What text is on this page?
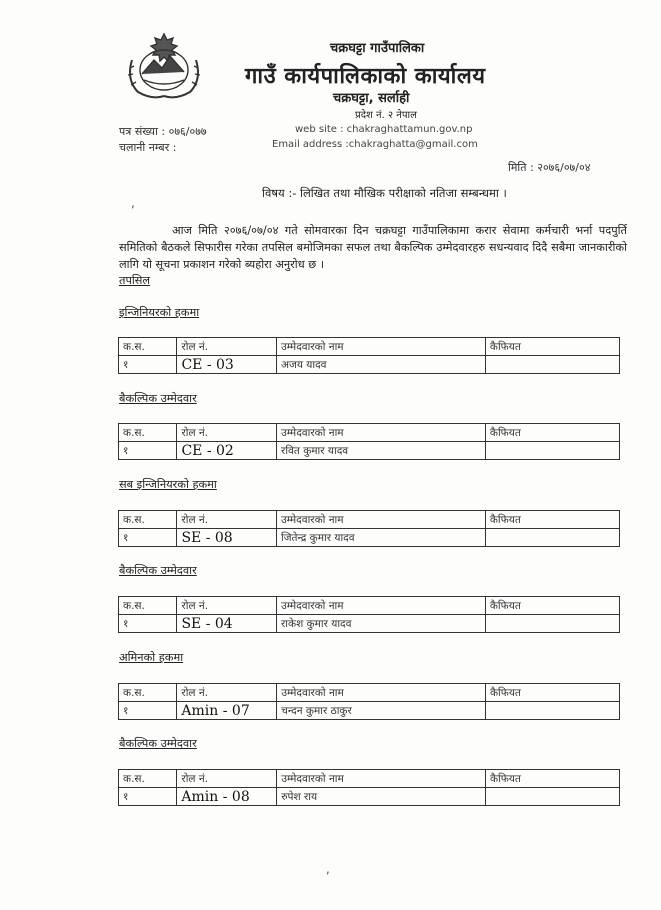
चक्रघट्टा गाउँपालिका
गाउँ कार्यपालिकाको कार्यालय
चक्रघट्टा, सर्लाही
प्रदेश नं. २ नेपाल
पत्र संख्या : ०७६/०७७
चलानी नम्बर :
web site : chakraghattamun.gov.np
Email address :chakraghatta@gmail.com
मिति : २०७६/०७/०४
विषय :- लिखित तथा मौखिक परीक्षाको नतिजा सम्बन्धमा ।
,
आज मिति २०७६/०७/०४ गते सोमवारका दिन चक्रघट्टा गाउँपालिकामा करार सेवामा कर्मचारी भर्ना पदपुर्ति समितिको बैठकले सिफारीस गरेका तपसिल बमोजिमका सफल तथा बैकल्पिक उम्मेदवारहरु सधन्यवाद दिदै सबैमा जानकारीको लागि यो सूचना प्रकाशन गरेको ब्यहोरा अनुरोध छ ।
तपसिल
इन्जिनियरको हकमा
क.स.	रोल नं.	उम्मेदवारको नाम	कैफियत
१	CE - 03	अजय यादव	
बैकल्पिक उम्मेदवार
क.स.	रोल नं.	उम्मेदवारको नाम	कैफियत
१	CE - 02	रवित कुमार यादव	
सब इन्जिनियरको हकमा
क.स.	रोल नं.	उम्मेदवारको नाम	कैफियत
१	SE - 08	जितेन्द्र कुमार यादव	
बैकल्पिक उम्मेदवार
क.स.	रोल नं.	उम्मेदवारको नाम	कैफियत
१	SE - 04	राकेश कुमार यादव	
अमिनको हकमा
क.स.	रोल नं.	उम्मेदवारको नाम	कैफियत
१	Amin - 07	चन्दन कुमार ठाकुर	
बैकल्पिक उम्मेदवार
क.स.	रोल नं.	उम्मेदवारको नाम	कैफियत
१	Amin - 08	रुपेश राय	
,
